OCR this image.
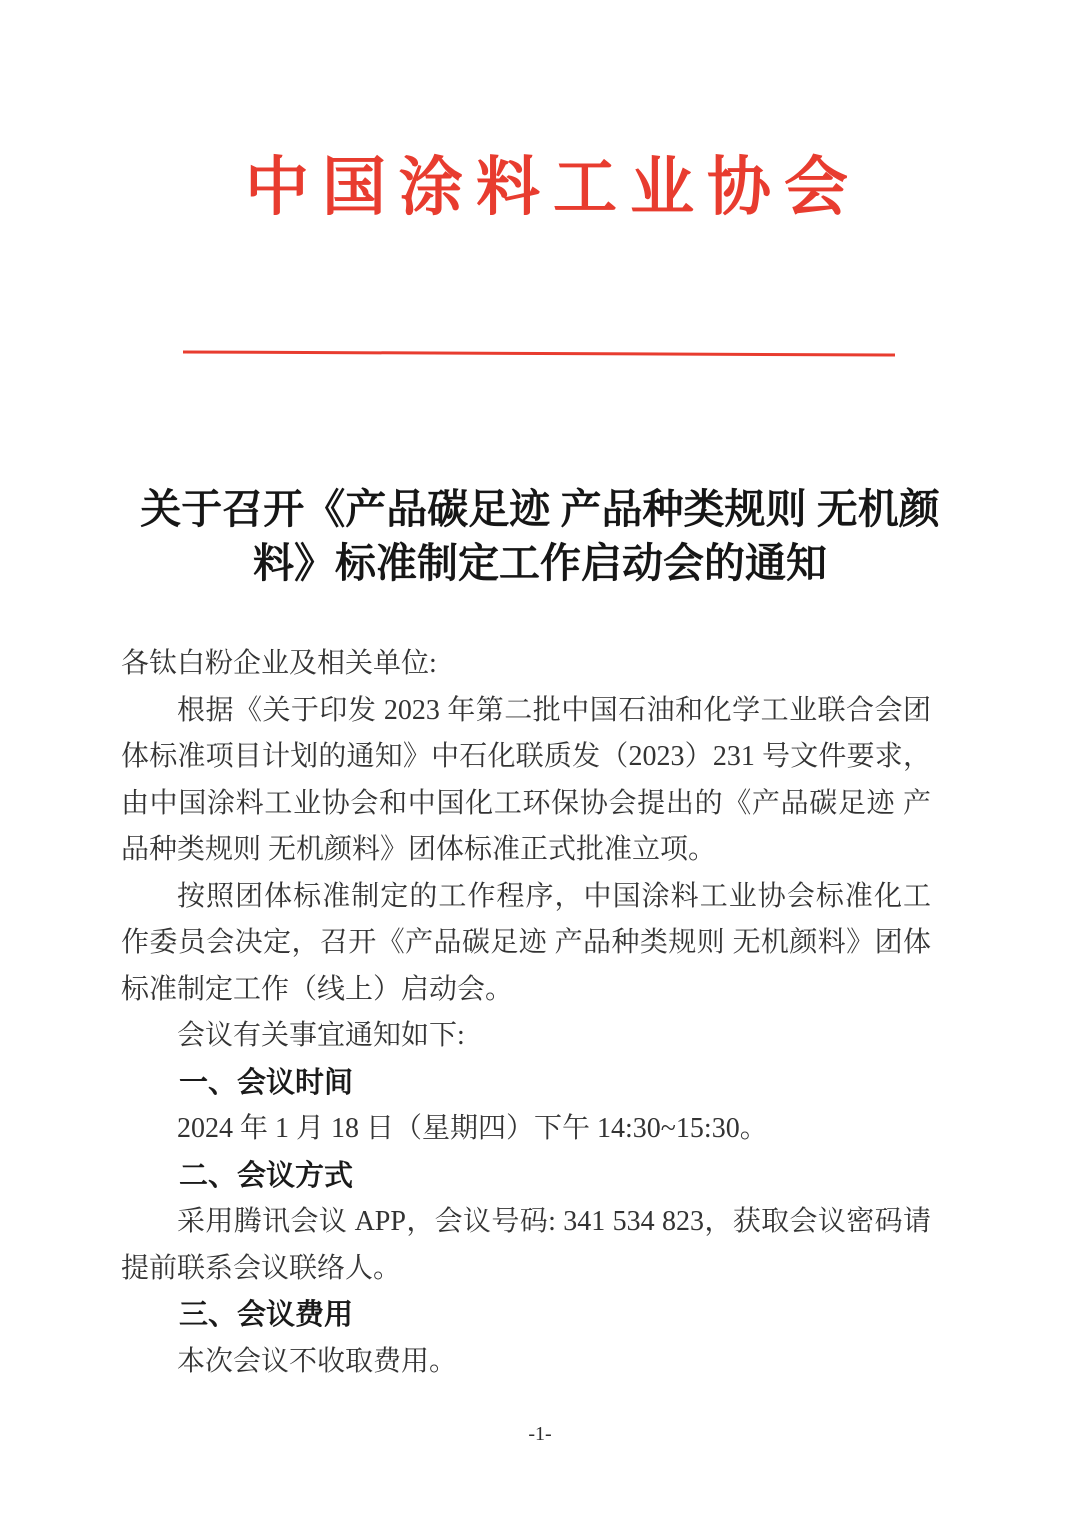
中国涂料工业协会
关于召开《产品碳足迹 产品种类规则 无机颜
料》标准制定工作启动会的通知

各钛白粉企业及相关单位:

根据《关于印发 2023 年第二批中国石油和化学工业联合会团体标准项目计划的通知》中石化联质发（2023）231 号文件要求，由中国涂料工业协会和中国化工环保协会提出的《产品碳足迹 产品种类规则 无机颜料》团体标准正式批准立项。

按照团体标准制定的工作程序，中国涂料工业协会标准化工作委员会决定，召开《产品碳足迹 产品种类规则 无机颜料》团体标准制定工作（线上）启动会。

会议有关事宜通知如下:

一、会议时间

2024 年 1 月 18 日（星期四）下午 14:30~15:30。

二、会议方式

采用腾讯会议 APP，会议号码: 341 534 823，获取会议密码请提前联系会议联络人。

三、会议费用

本次会议不收取费用。

-1-
